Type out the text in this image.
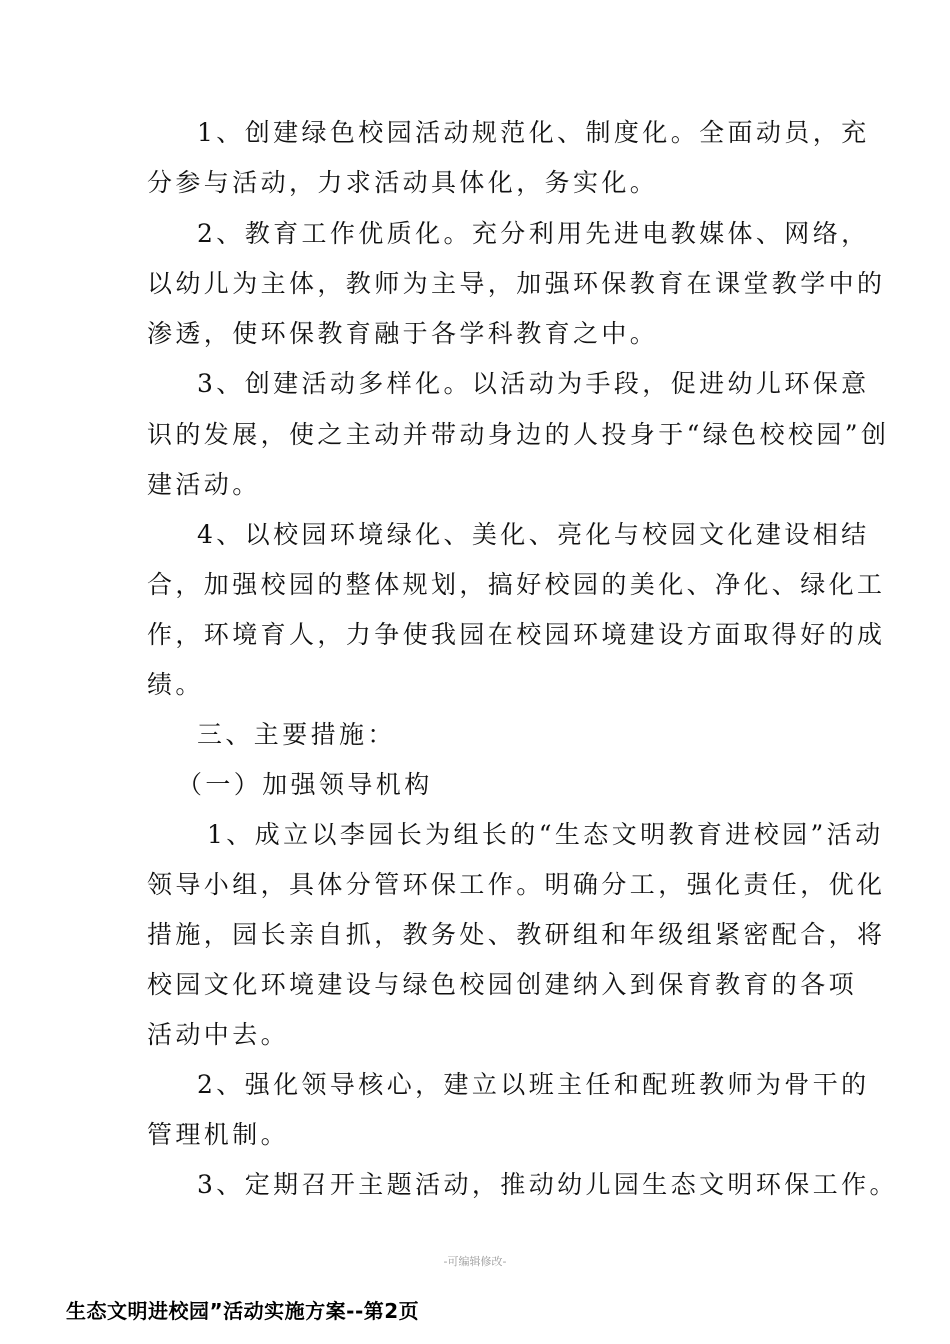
1、创建绿色校园活动规范化、制度化。全面动员，充
分参与活动，力求活动具体化，务实化。
2、教育工作优质化。充分利用先进电教媒体、网络，
以幼儿为主体，教师为主导，加强环保教育在课堂教学中的
渗透，使环保教育融于各学科教育之中。
3、创建活动多样化。以活动为手段，促进幼儿环保意
识的发展，使之主动并带动身边的人投身于“绿色校校园”创
建活动。
4、以校园环境绿化、美化、亮化与校园文化建设相结
合，加强校园的整体规划，搞好校园的美化、净化、绿化工
作，环境育人，力争使我园在校园环境建设方面取得好的成
绩。
三、主要措施：
（一）加强领导机构
1、成立以李园长为组长的“生态文明教育进校园”活动
领导小组，具体分管环保工作。明确分工，强化责任，优化
措施，园长亲自抓，教务处、教研组和年级组紧密配合，将
校园文化环境建设与绿色校园创建纳入到保育教育的各项
活动中去。
2、强化领导核心，建立以班主任和配班教师为骨干的
管理机制。
3、定期召开主题活动，推动幼儿园生态文明环保工作。
-可编辑修改-
生态文明进校园”活动实施方案--第2页
